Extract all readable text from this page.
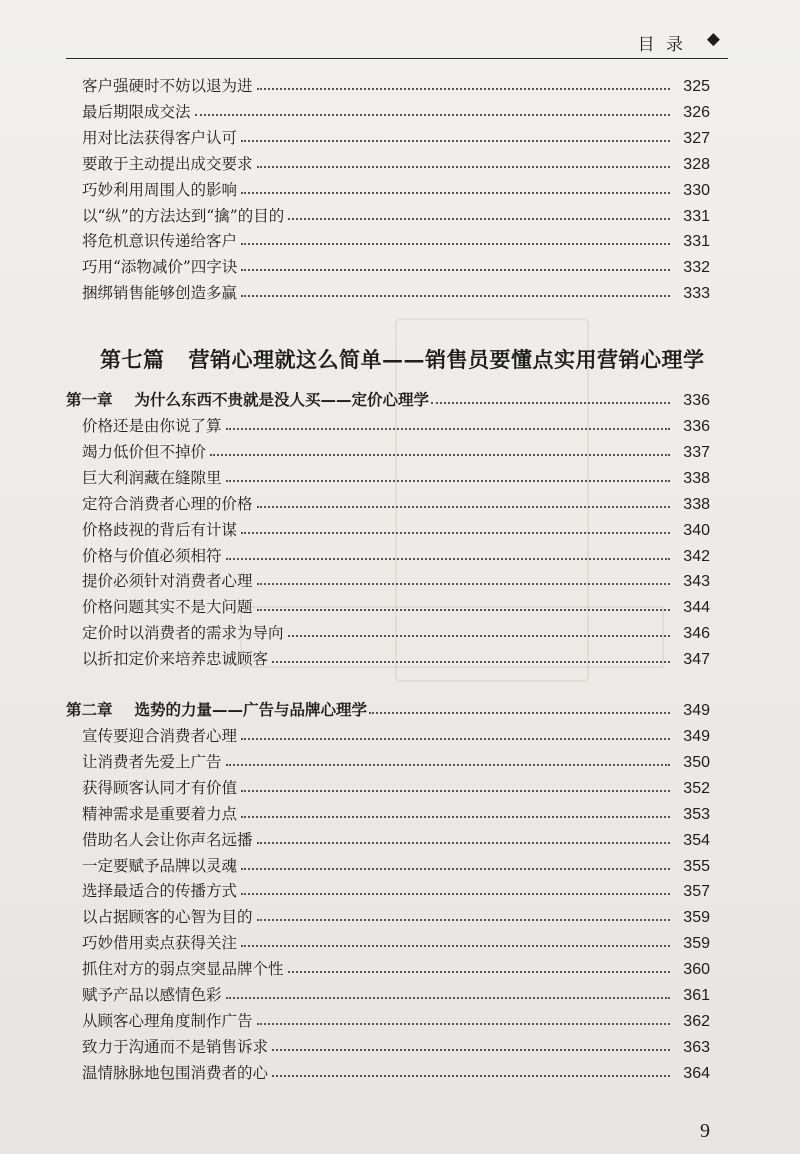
目 录 ◆
客户强硬时不妨以退为进	325
最后期限成交法	326
用对比法获得客户认可	327
要敢于主动提出成交要求	328
巧妙利用周围人的影响	330
以“纵”的方法达到“擒”的目的	331
将危机意识传递给客户	331
巧用“添物减价”四字诀	332
捆绑销售能够创造多赢	333
第一章 为什么东西不贵就是没人买——定价心理学	336
价格还是由你说了算	336
竭力低价但不掉价	337
巨大利润藏在缝隙里	338
定符合消费者心理的价格	338
价格歧视的背后有计谋	340
价格与价值必须相符	342
提价必须针对消费者心理	343
价格问题其实不是大问题	344
定价时以消费者的需求为导向	346
以折扣定价来培养忠诚顾客	347
第二章 选势的力量——广告与品牌心理学	349
宣传要迎合消费者心理	349
让消费者先爱上广告	350
获得顾客认同才有价值	352
精神需求是重要着力点	353
借助名人会让你声名远播	354
一定要赋予品牌以灵魂	355
选择最适合的传播方式	357
以占据顾客的心智为目的	359
巧妙借用卖点获得关注	359
抓住对方的弱点突显品牌个性	360
赋予产品以感情色彩	361
从顾客心理角度制作广告	362
致力于沟通而不是销售诉求	363
温情脉脉地包围消费者的心	364
第七篇 营销心理就这么简单——销售员要懂点实用营销心理学
9
